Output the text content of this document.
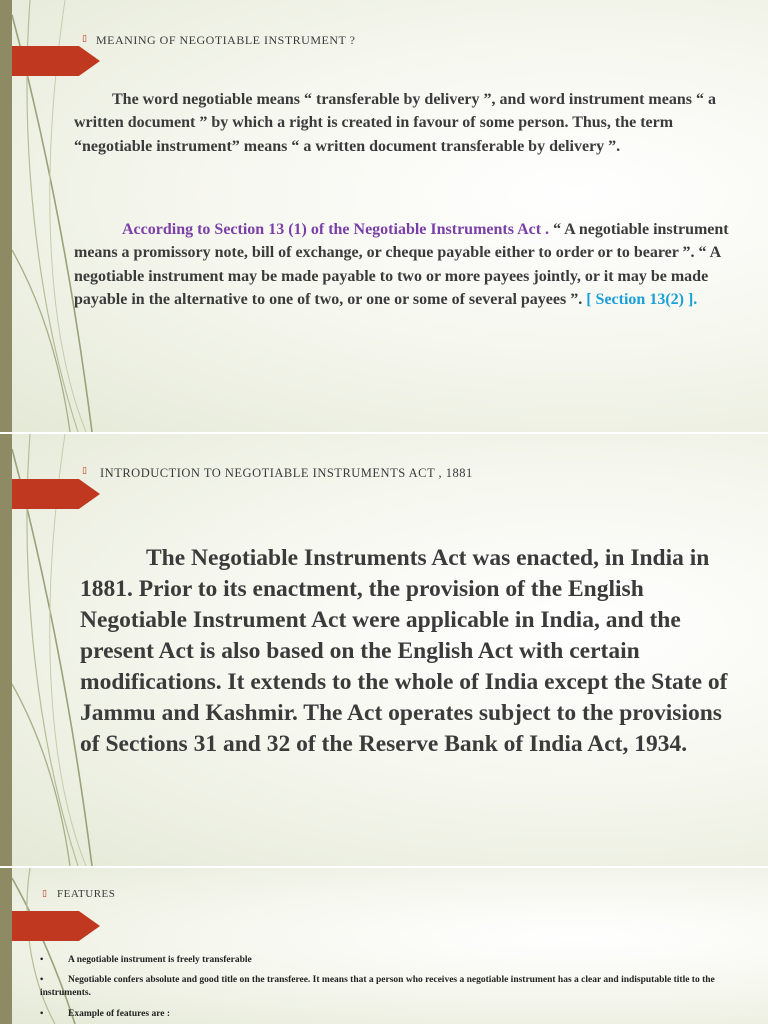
▯ MEANING OF NEGOTIABLE INSTRUMENT ?

The word negotiable means “ transferable by delivery ”, and word instrument means “ a written document ” by which a right is created in favour of some person. Thus, the term “negotiable instrument” means “ a written document transferable by delivery ”.

According to Section 13 (1) of the Negotiable Instruments Act . “ A negotiable instrument means a promissory note, bill of exchange, or cheque payable either to order or to bearer ”. “ A negotiable instrument may be made payable to two or more payees jointly, or it may be made payable in the alternative to one of two, or one or some of several payees ”. [ Section 13(2) ].

▯ INTRODUCTION TO NEGOTIABLE INSTRUMENTS ACT , 1881

The Negotiable Instruments Act was enacted, in India in 1881. Prior to its enactment, the provision of the English Negotiable Instrument Act were applicable in India, and the present Act is also based on the English Act with certain modifications. It extends to the whole of India except the State of Jammu and Kashmir. The Act operates subject to the provisions of Sections 31 and 32 of the Reserve Bank of India Act, 1934.

▯ FEATURES
•	A negotiable instrument is freely transferable
•	Negotiable confers absolute and good title on the transferee. It means that a person who receives a negotiable instrument has a clear and indisputable title to the instruments.
•	Example of features are :
